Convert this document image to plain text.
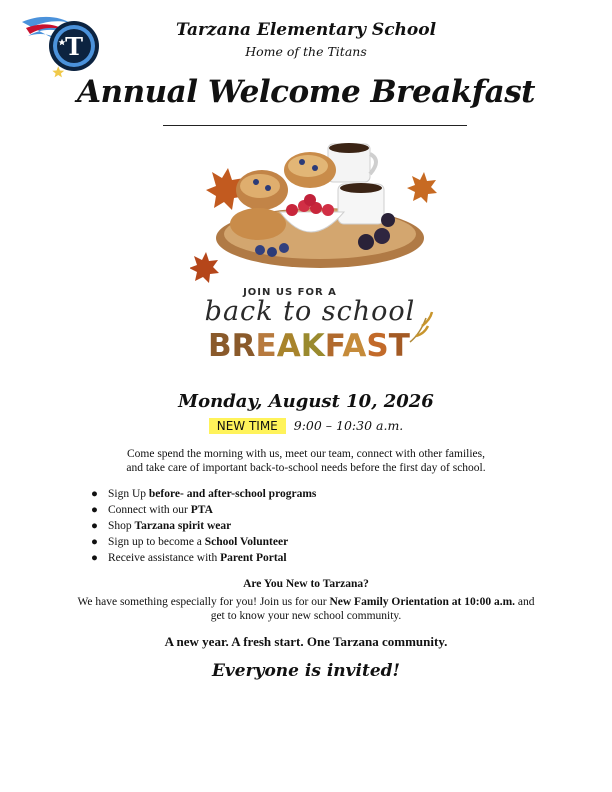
T
Tarzana Elementary School
Home of the Titans
Annual Welcome Breakfast
JOIN US FOR A
back to school
BREAKFAST
Monday, August 10, 2026
NEW TIME 9:00 – 10:30 a.m.
Come spend the morning with us, meet our team, connect with other families,
and take care of important back-to-school needs before the first day of school.
● Sign Up before- and after-school programs
● Connect with our PTA
● Shop Tarzana spirit wear
● Sign up to become a School Volunteer
● Receive assistance with Parent Portal
Are You New to Tarzana?
We have something especially for you! Join us for our New Family Orientation at 10:00 a.m. and get to know your new school community.
A new year. A fresh start. One Tarzana community.
Everyone is invited!
